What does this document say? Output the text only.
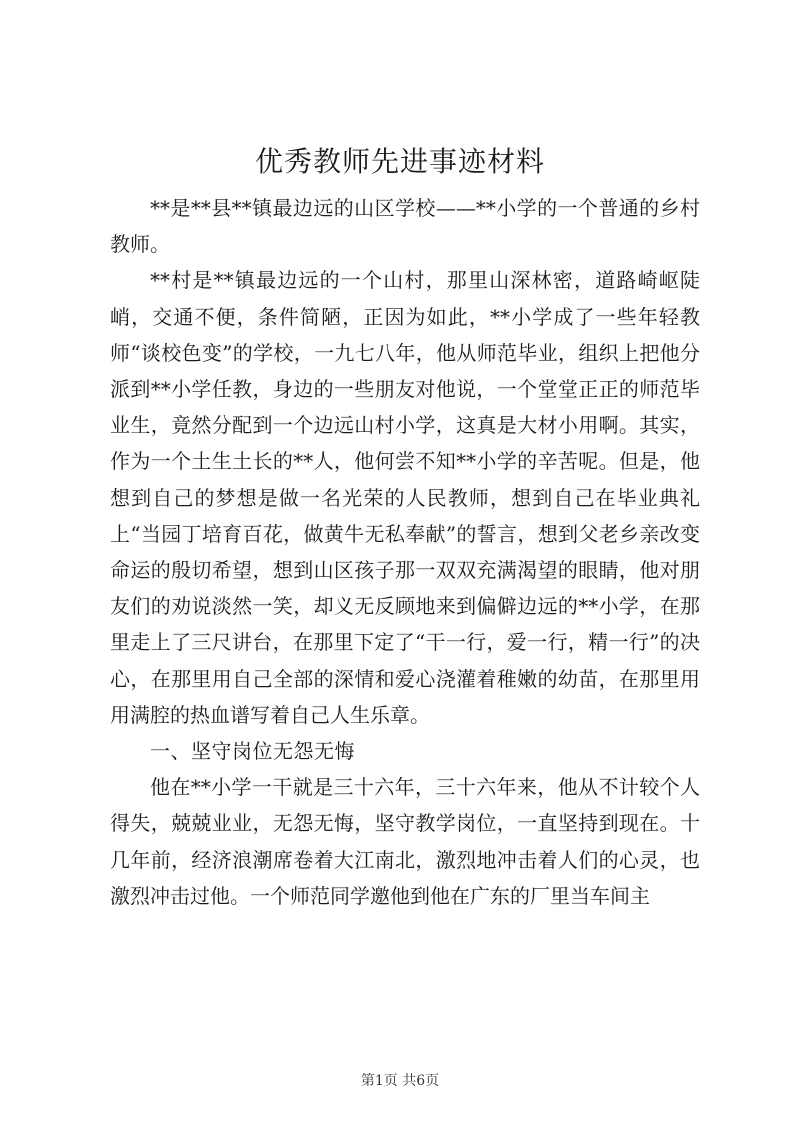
优秀教师先进事迹材料

**是**县**镇最边远的山区学校——**小学的一个普通的乡村教师。

**村是**镇最边远的一个山村，那里山深林密，道路崎岖陡峭，交通不便，条件简陋，正因为如此，**小学成了一些年轻教师“谈校色变”的学校，一九七八年，他从师范毕业，组织上把他分派到**小学任教，身边的一些朋友对他说，一个堂堂正正的师范毕业生，竟然分配到一个边远山村小学，这真是大材小用啊。其实，作为一个土生土长的**人，他何尝不知**小学的辛苦呢。但是，他想到自己的梦想是做一名光荣的人民教师，想到自己在毕业典礼上“当园丁培育百花，做黄牛无私奉献”的誓言，想到父老乡亲改变命运的殷切希望，想到山区孩子那一双双充满渴望的眼睛，他对朋友们的劝说淡然一笑，却义无反顾地来到偏僻边远的**小学，在那里走上了三尺讲台，在那里下定了“干一行，爱一行，精一行”的决心，在那里用自己全部的深情和爱心浇灌着稚嫩的幼苗，在那里用用满腔的热血谱写着自己人生乐章。

一、坚守岗位无怨无悔

他在**小学一干就是三十六年，三十六年来，他从不计较个人得失，兢兢业业，无怨无悔，坚守教学岗位，一直坚持到现在。十几年前，经济浪潮席卷着大江南北，激烈地冲击着人们的心灵，也激烈冲击过他。一个师范同学邀他到他在广东的厂里当车间主

第1页 共6页
